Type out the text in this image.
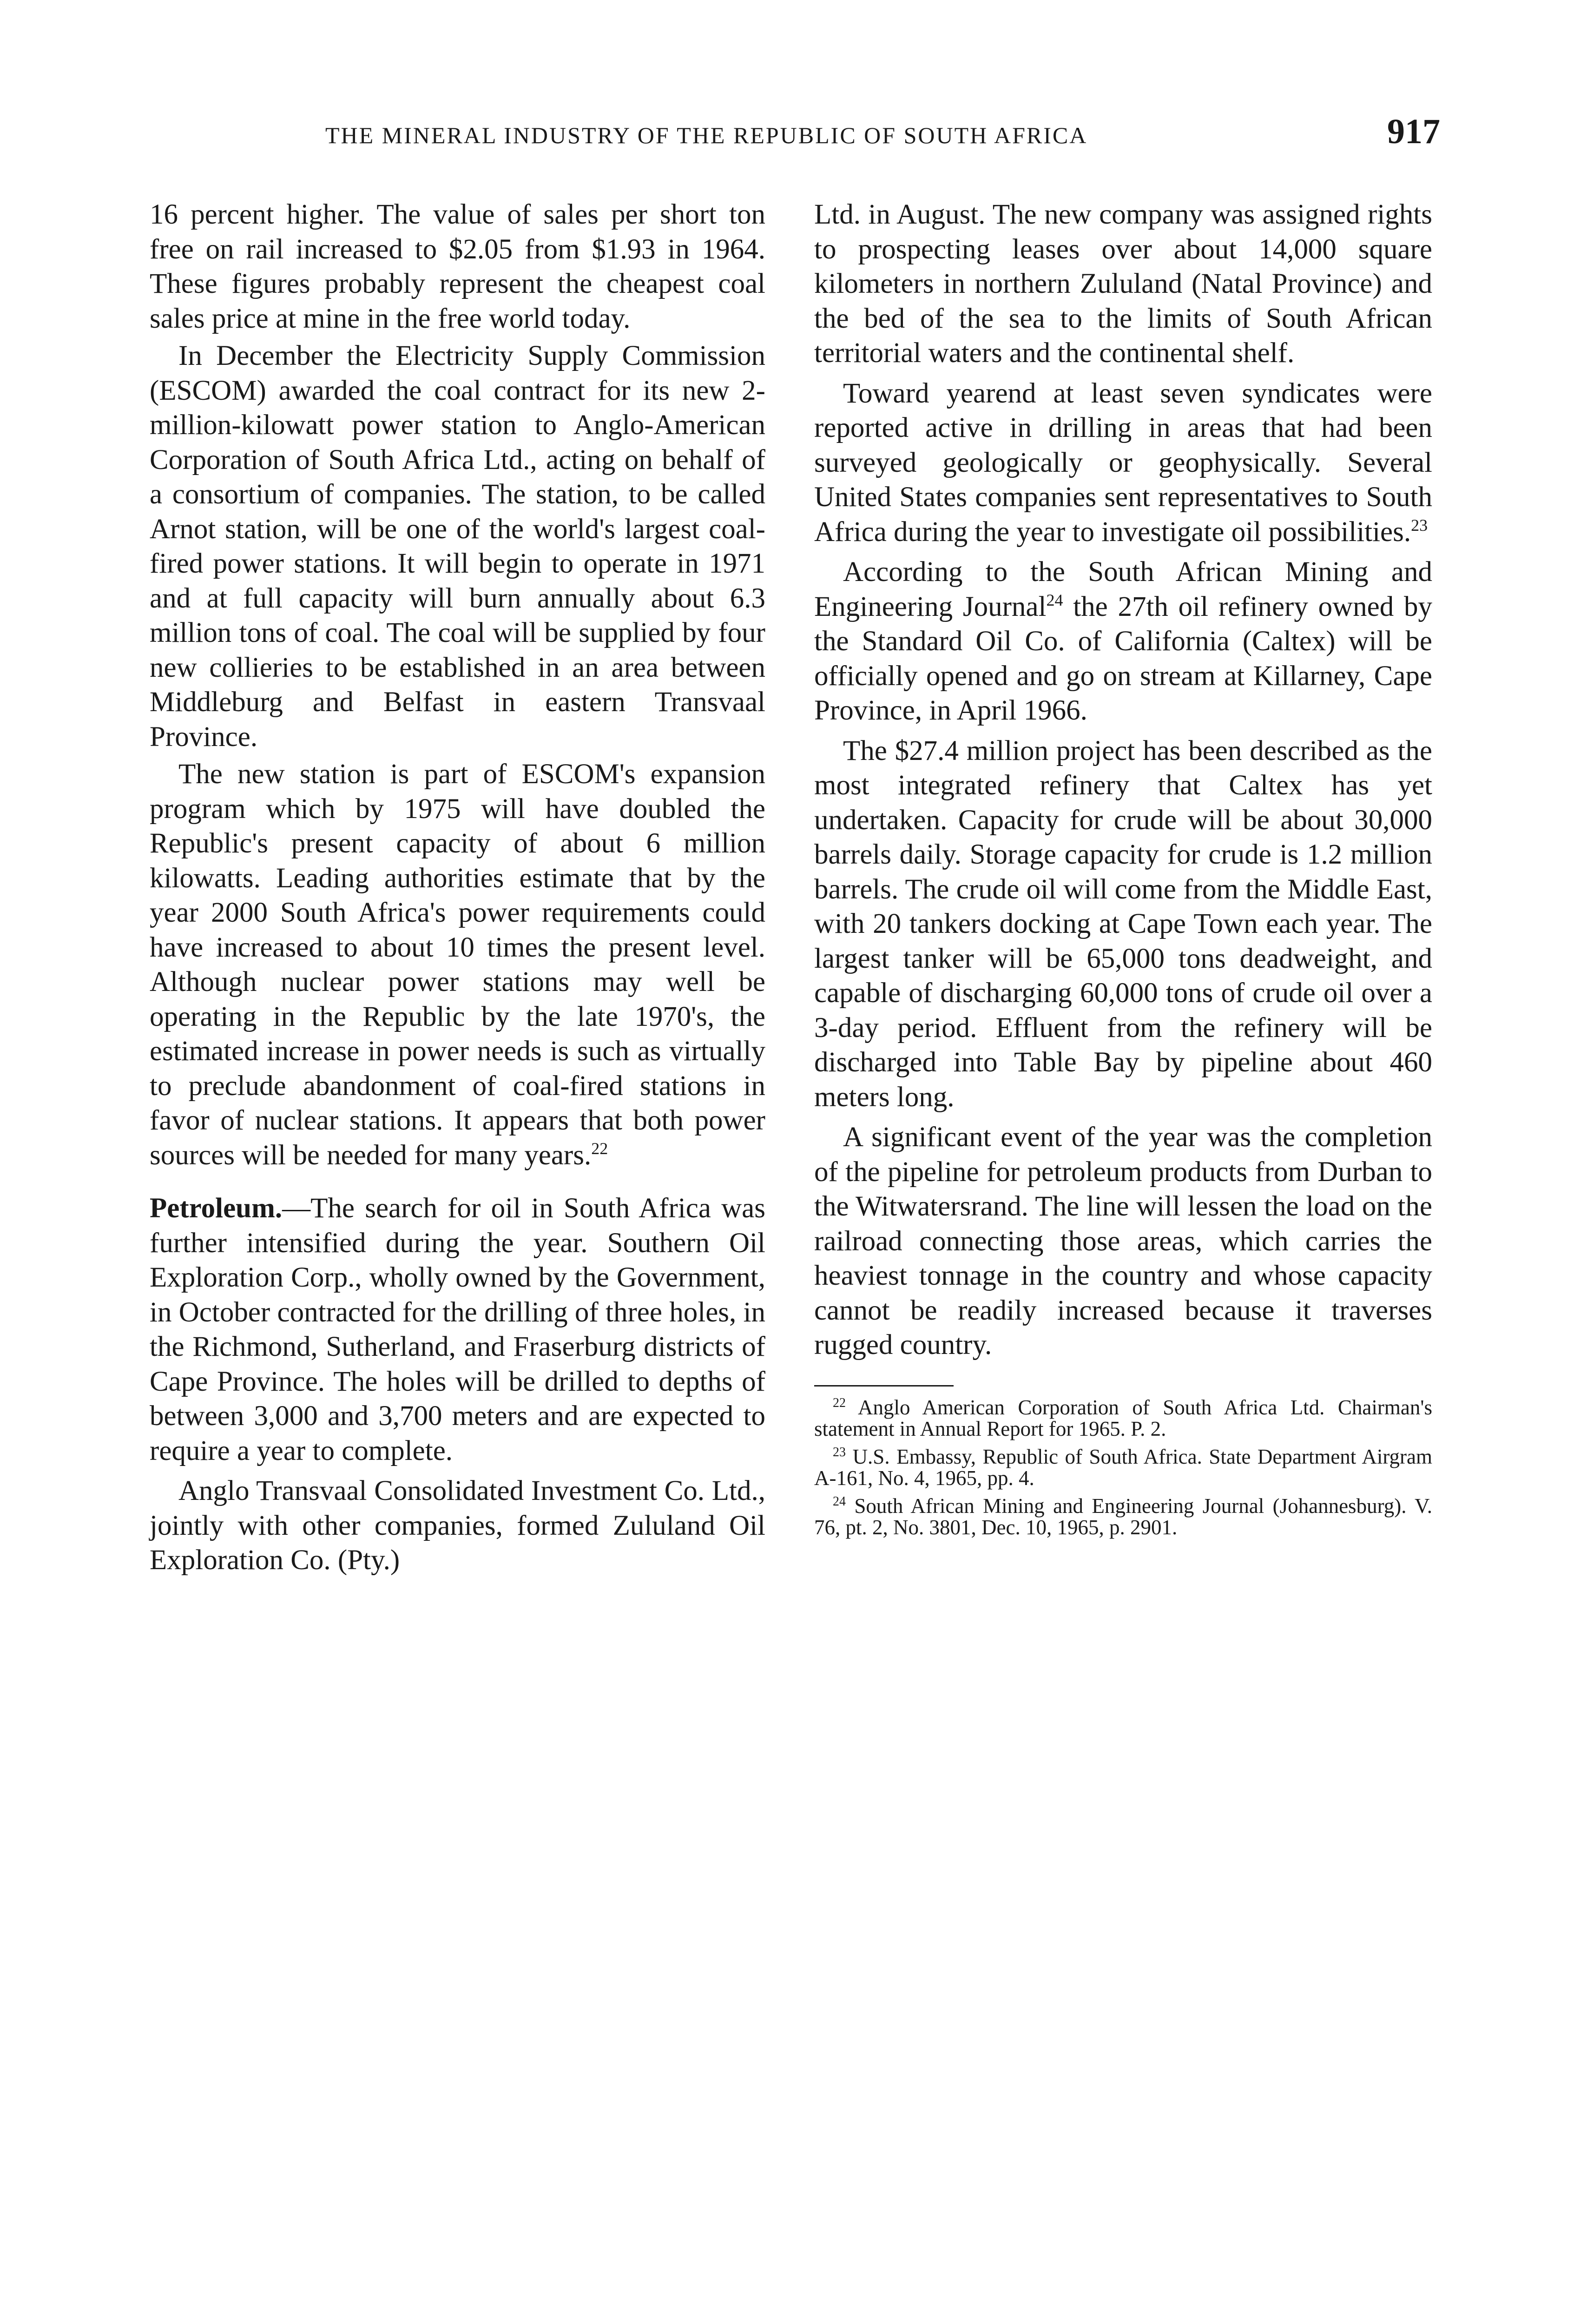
THE MINERAL INDUSTRY OF THE REPUBLIC OF SOUTH AFRICA	917

16 percent higher. The value of sales per short ton free on rail increased to $2.05 from $1.93 in 1964. These figures probably represent the cheapest coal sales price at mine in the free world today.

In December the Electricity Supply Commission (ESCOM) awarded the coal contract for its new 2-million-kilowatt power station to Anglo-American Corporation of South Africa Ltd., acting on behalf of a consortium of companies. The station, to be called Arnot station, will be one of the world's largest coal-fired power stations. It will begin to operate in 1971 and at full capacity will burn annually about 6.3 million tons of coal. The coal will be supplied by four new collieries to be established in an area between Middleburg and Belfast in eastern Transvaal Province.

The new station is part of ESCOM's expansion program which by 1975 will have doubled the Republic's present capacity of about 6 million kilowatts. Leading authorities estimate that by the year 2000 South Africa's power requirements could have increased to about 10 times the present level. Although nuclear power stations may well be operating in the Republic by the late 1970's, the estimated increase in power needs is such as virtually to preclude abandonment of coal-fired stations in favor of nuclear stations. It appears that both power sources will be needed for many years.$^{22}$

Petroleum.—The search for oil in South Africa was further intensified during the year. Southern Oil Exploration Corp., wholly owned by the Government, in October contracted for the drilling of three holes, in the Richmond, Sutherland, and Fraserburg districts of Cape Province. The holes will be drilled to depths of between 3,000 and 3,700 meters and are expected to require a year to complete.

Anglo Transvaal Consolidated Investment Co. Ltd., jointly with other companies, formed Zululand Oil Exploration Co. (Pty.)

Ltd. in August. The new company was assigned rights to prospecting leases over about 14,000 square kilometers in northern Zululand (Natal Province) and the bed of the sea to the limits of South African territorial waters and the continental shelf.

Toward yearend at least seven syndicates were reported active in drilling in areas that had been surveyed geologically or geophysically. Several United States companies sent representatives to South Africa during the year to investigate oil possibilities.$^{23}$

According to the South African Mining and Engineering Journal$^{24}$ the 27th oil refinery owned by the Standard Oil Co. of California (Caltex) will be officially opened and go on stream at Killarney, Cape Province, in April 1966.

The $27.4 million project has been described as the most integrated refinery that Caltex has yet undertaken. Capacity for crude will be about 30,000 barrels daily. Storage capacity for crude is 1.2 million barrels. The crude oil will come from the Middle East, with 20 tankers docking at Cape Town each year. The largest tanker will be 65,000 tons deadweight, and capable of discharging 60,000 tons of crude oil over a 3-day period. Effluent from the refinery will be discharged into Table Bay by pipeline about 460 meters long.

A significant event of the year was the completion of the pipeline for petroleum products from Durban to the Witwatersrand. The line will lessen the load on the railroad connecting those areas, which carries the heaviest tonnage in the country and whose capacity cannot be readily increased because it traverses rugged country.

$^{22}$ Anglo American Corporation of South Africa Ltd. Chairman's statement in Annual Report for 1965. P. 2.

$^{23}$ U.S. Embassy, Republic of South Africa. State Department Airgram A-161, No. 4, 1965, pp. 4.

$^{24}$ South African Mining and Engineering Journal (Johannesburg). V. 76, pt. 2, No. 3801, Dec. 10, 1965, p. 2901.
